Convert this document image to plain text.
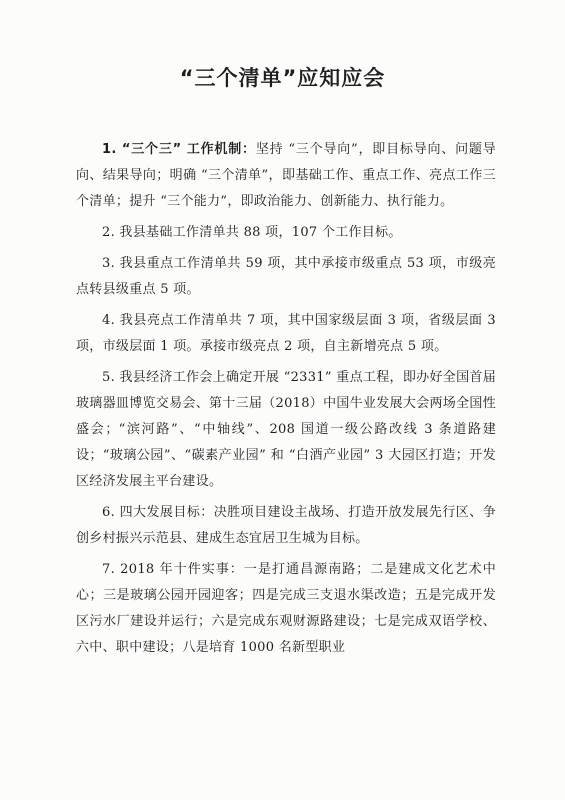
“三个清单”应知应会

1. “三个三” 工作机制：坚持 “三个导向”，即目标导向、问题导向、结果导向；明确 “三个清单”，即基础工作、重点工作、亮点工作三个清单；提升 “三个能力”，即政治能力、创新能力、执行能力。

2. 我县基础工作清单共 88 项，107 个工作目标。

3. 我县重点工作清单共 59 项，其中承接市级重点 53 项，市级亮点转县级重点 5 项。

4. 我县亮点工作清单共 7 项，其中国家级层面 3 项，省级层面 3 项，市级层面 1 项。承接市级亮点 2 项，自主新增亮点 5 项。

5. 我县经济工作会上确定开展 “2331” 重点工程，即办好全国首届玻璃器皿博览交易会、第十三届（2018）中国牛业发展大会两场全国性盛会；“滨河路”、“中轴线”、208 国道一级公路改线 3 条道路建设；“玻璃公园”、“碳素产业园” 和 “白酒产业园” 3 大园区打造；开发区经济发展主平台建设。

6. 四大发展目标：决胜项目建设主战场、打造开放发展先行区、争创乡村振兴示范县、建成生态宜居卫生城为目标。

7. 2018 年十件实事：一是打通昌源南路；二是建成文化艺术中心；三是玻璃公园开园迎客；四是完成三支退水渠改造；五是完成开发区污水厂建设并运行；六是完成东观财源路建设；七是完成双语学校、六中、职中建设；八是培育 1000 名新型职业
